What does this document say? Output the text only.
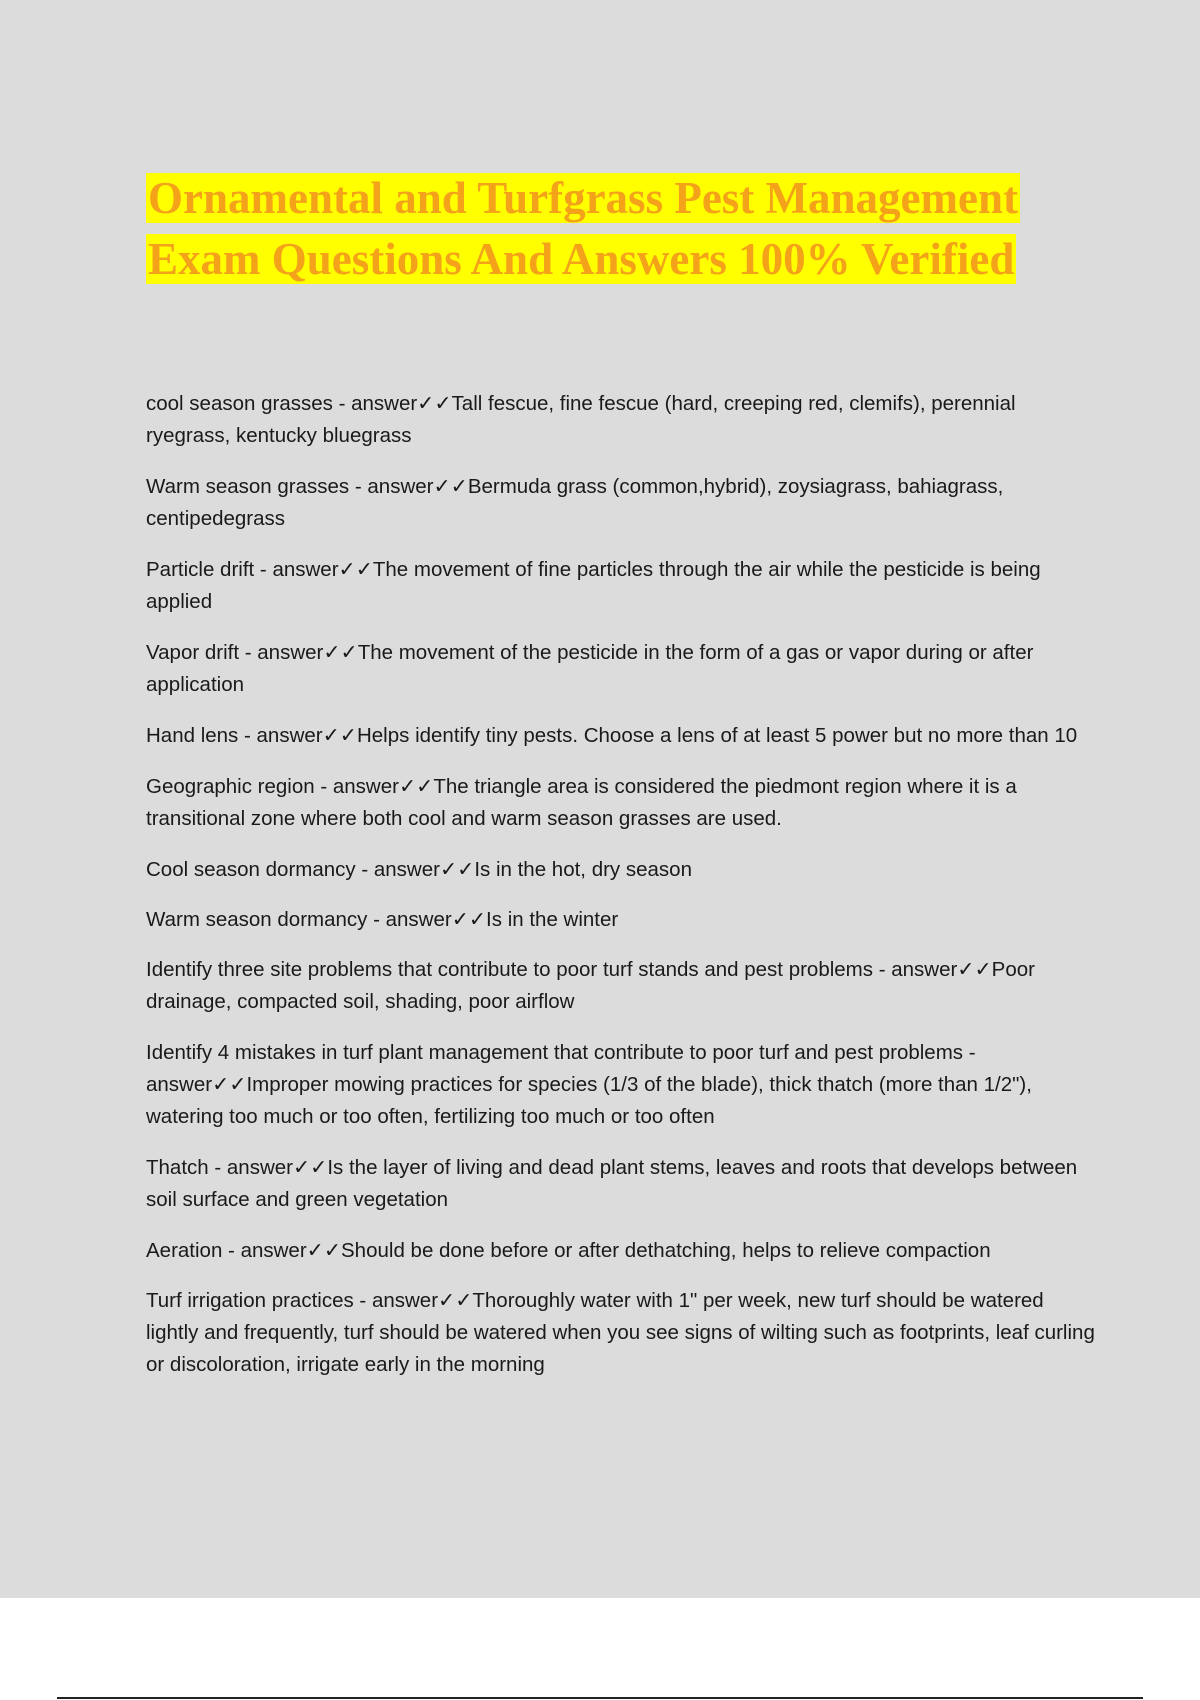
Ornamental and Turfgrass Pest Management
Exam Questions And Answers 100% Verified
cool season grasses - answer✓✓Tall fescue, fine fescue (hard, creeping red, clemifs), perennial ryegrass, kentucky bluegrass
Warm season grasses - answer✓✓Bermuda grass (common,hybrid), zoysiagrass, bahiagrass, centipedegrass
Particle drift - answer✓✓The movement of fine particles through the air while the pesticide is being applied
Vapor drift - answer✓✓The movement of the pesticide in the form of a gas or vapor during or after application
Hand lens - answer✓✓Helps identify tiny pests. Choose a lens of at least 5 power but no more than 10
Geographic region - answer✓✓The triangle area is considered the piedmont region where it is a transitional zone where both cool and warm season grasses are used.
Cool season dormancy - answer✓✓Is in the hot, dry season
Warm season dormancy - answer✓✓Is in the winter
Identify three site problems that contribute to poor turf stands and pest problems - answer✓✓Poor drainage, compacted soil, shading, poor airflow
Identify 4 mistakes in turf plant management that contribute to poor turf and pest problems - answer✓✓Improper mowing practices for species (1/3 of the blade), thick thatch (more than 1/2"), watering too much or too often, fertilizing too much or too often
Thatch - answer✓✓Is the layer of living and dead plant stems, leaves and roots that develops between soil surface and green vegetation
Aeration - answer✓✓Should be done before or after dethatching, helps to relieve compaction
Turf irrigation practices - answer✓✓Thoroughly water with 1" per week, new turf should be watered lightly and frequently, turf should be watered when you see signs of wilting such as footprints, leaf curling or discoloration, irrigate early in the morning
